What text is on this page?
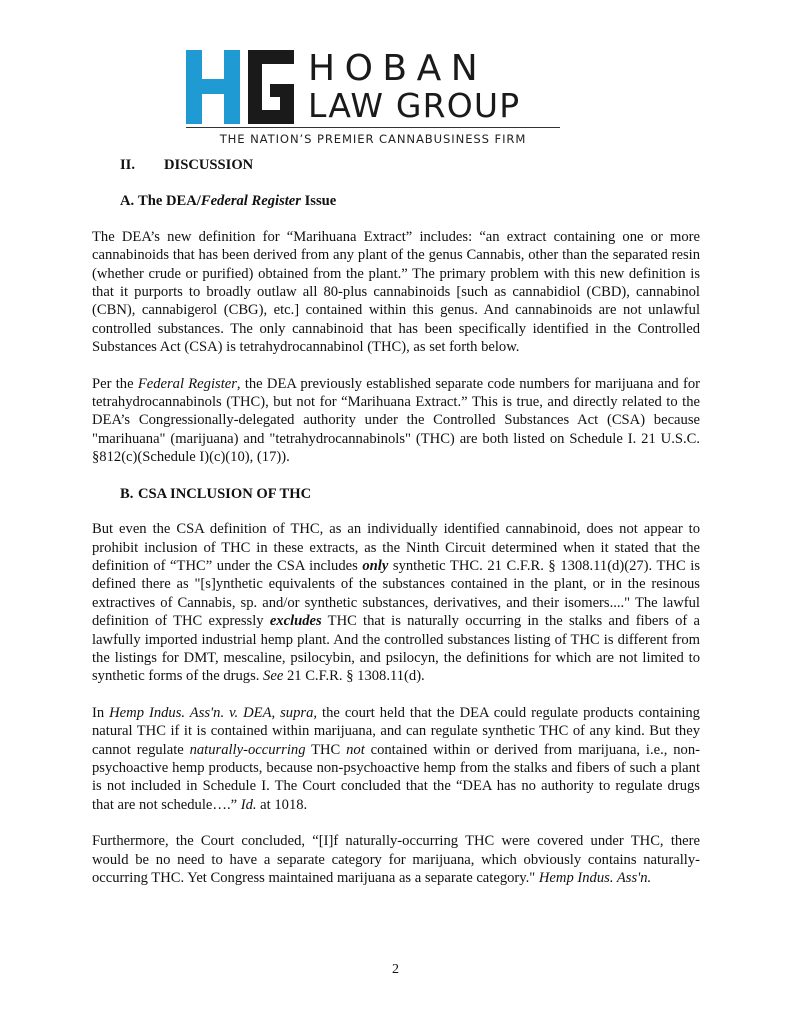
HOBAN
LAW GROUP
THE NATION’S PREMIER CANNABUSINESS FIRM
II. DISCUSSION
A. The DEA/Federal Register Issue

The DEA’s new definition for “Marihuana Extract” includes: “an extract containing one or more cannabinoids that has been derived from any plant of the genus Cannabis, other than the separated resin (whether crude or purified) obtained from the plant.” The primary problem with this new definition is that it purports to broadly outlaw all 80-plus cannabinoids [such as cannabidiol (CBD), cannabinol (CBN), cannabigerol (CBG), etc.] contained within this genus. And cannabinoids are not unlawful controlled substances. The only cannabinoid that has been specifically identified in the Controlled Substances Act (CSA) is tetrahydrocannabinol (THC), as set forth below.

Per the Federal Register, the DEA previously established separate code numbers for marijuana and for tetrahydrocannabinols (THC), but not for “Marihuana Extract.” This is true, and directly related to the DEA’s Congressionally-delegated authority under the Controlled Substances Act (CSA) because "marihuana" (marijuana) and "tetrahydrocannabinols" (THC) are both listed on Schedule I. 21 U.S.C. §812(c)(Schedule I)(c)(10), (17)).

B. CSA INCLUSION OF THC

But even the CSA definition of THC, as an individually identified cannabinoid, does not appear to prohibit inclusion of THC in these extracts, as the Ninth Circuit determined when it stated that the definition of “THC” under the CSA includes only synthetic THC. 21 C.F.R. § 1308.11(d)(27). THC is defined there as "[s]ynthetic equivalents of the substances contained in the plant, or in the resinous extractives of Cannabis, sp. and/or synthetic substances, derivatives, and their isomers...." The lawful definition of THC expressly excludes THC that is naturally occurring in the stalks and fibers of a lawfully imported industrial hemp plant. And the controlled substances listing of THC is different from the listings for DMT, mescaline, psilocybin, and psilocyn, the definitions for which are not limited to synthetic forms of the drugs. See 21 C.F.R. § 1308.11(d).

In Hemp Indus. Ass'n. v. DEA, supra, the court held that the DEA could regulate products containing natural THC if it is contained within marijuana, and can regulate synthetic THC of any kind. But they cannot regulate naturally-occurring THC not contained within or derived from marijuana, i.e., non-psychoactive hemp products, because non-psychoactive hemp from the stalks and fibers of such a plant is not included in Schedule I. The Court concluded that the “DEA has no authority to regulate drugs that are not schedule….” Id. at 1018.

Furthermore, the Court concluded, “[I]f naturally-occurring THC were covered under THC, there would be no need to have a separate category for marijuana, which obviously contains naturally-occurring THC. Yet Congress maintained marijuana as a separate category." Hemp Indus. Ass'n.

2
